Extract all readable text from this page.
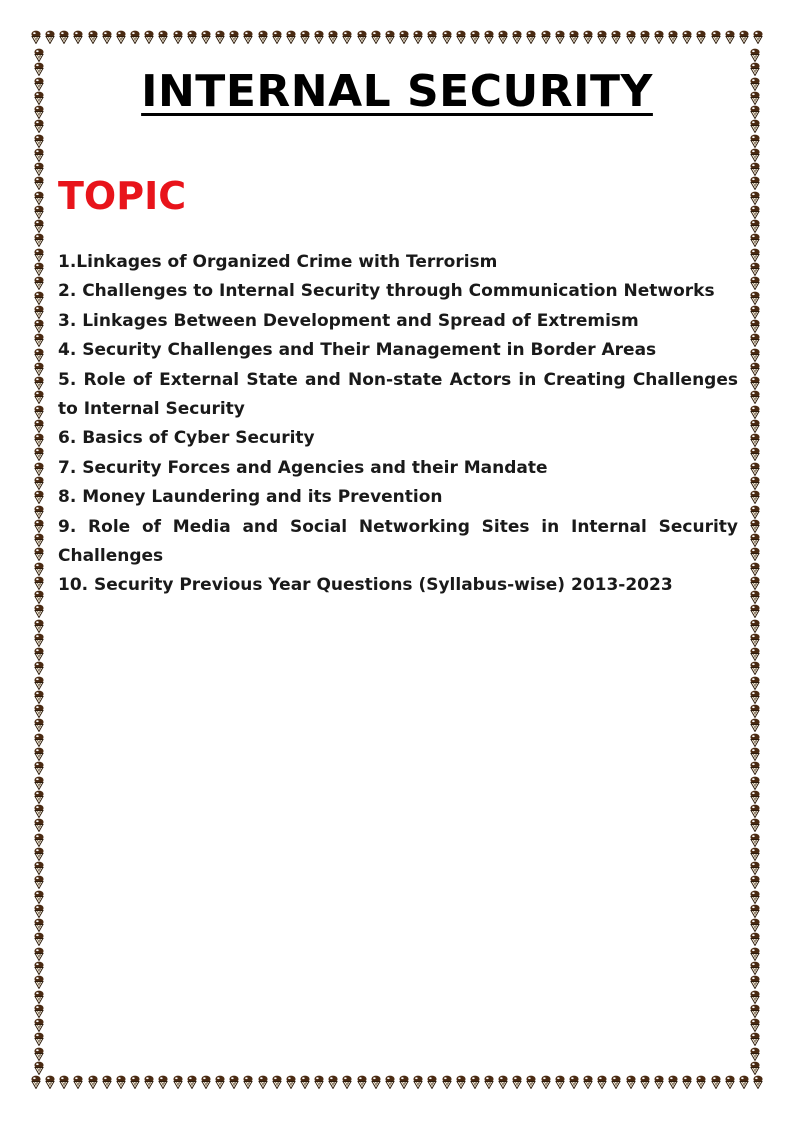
INTERNAL SECURITY
TOPIC
1.Linkages of Organized Crime with Terrorism
2. Challenges to Internal Security through Communication Networks
3. Linkages Between Development and Spread of Extremism
4. Security Challenges and Their Management in Border Areas
5. Role of External State and Non-state Actors in Creating Challenges to Internal Security
6. Basics of Cyber Security
7. Security Forces and Agencies and their Mandate
8. Money Laundering and its Prevention
9. Role of Media and Social Networking Sites in Internal Security Challenges
10. Security Previous Year Questions (Syllabus-wise) 2013-2023
